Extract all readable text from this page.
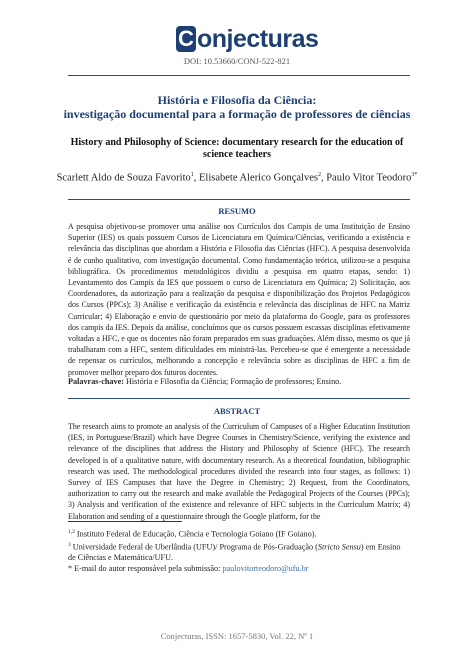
C onjecturas
DOI: 10.53660/CONJ-522-821
História e Filosofia da Ciência:
investigação documental para a formação de professores de ciências
History and Philosophy of Science: documentary research for the education of
science teachers
Scarlett Aldo de Souza Favorito$^1$, Elisabete Alerico Gonçalves$^2$, Paulo Vitor Teodoro$^{3*}$
RESUMO
A pesquisa objetivou-se promover uma análise nos Currículos dos Campis de uma Instituição de Ensino Superior (IES) os quais possuem Cursos de Licenciatura em Química/Ciências, verificando a existência e relevância das disciplinas que abordam a História e Filosofia das Ciências (HFC). A pesquisa desenvolvida é de cunho qualitativo, com investigação documental. Como fundamentação teórica, utilizou-se a pesquisa bibliográfica. Os procedimentos metodológicos dividiu a pesquisa em quatro etapas, sendo: 1) Levantamento dos Campis da IES que possuem o curso de Licenciatura em Química; 2) Solicitação, aos Coordenadores, da autorização para a realização da pesquisa e disponibilização dos Projetos Pedagógicos dos Cursos (PPCs); 3) Análise e verificação da existência e relevância das disciplinas de HFC na Matriz Curricular; 4) Elaboração e envio de questionário por meio da plataforma do Google, para os professores dos campis da IES. Depois da análise, concluímos que os cursos possuem escassas disciplinas efetivamente voltadas a HFC, e que os docentes não foram preparados em suas graduações. Além disso, mesmo os que já trabalharam com a HFC, sentem dificuldades em ministrá-las. Percebeu-se que é emergente a necessidade de repensar os currículos, melhorando a concepção e relevância sobre as disciplinas de HFC a fim de promover melhor preparo dos futuros docentes.
Palavras-chave: História e Filosofia da Ciência; Formação de professores; Ensino.
ABSTRACT
The research aims to promote an analysis of the Curriculum of Campuses of a Higher Education Institution (IES, in Portuguese/Brazil) which have Degree Courses in Chemistry/Science, verifying the existence and relevance of the disciplines that address the History and Philosophy of Science (HFC). The research developed is of a qualitative nature, with documentary research. As a theoretical foundation, bibliographic research was used. The methodological procedures divided the research into four stages, as follows: 1) Survey of IES Campuses that have the Degree in Chemistry; 2) Request, from the Coordinators, authorization to carry out the research and make available the Pedagogical Projects of the Courses (PPCs); 3) Analysis and verification of the existence and relevance of HFC subjects in the Curriculum Matrix; 4) Elaboration and sending of a questionnaire through the Google platform, for the
$^{1,2}$ Instituto Federal de Educação, Ciência e Tecnologia Goiano (IF Goiano).
$^3$ Universidade Federal de Uberlândia (UFU)/ Programa de Pós-Graduação (Stricto Sensu) em Ensino de Ciências e Matemática/UFU.
* E-mail do autor responsável pela submissão: paulovitorteodoro@ufu.br
Conjecturas, ISSN: 1657-5830, Vol. 22, Nº 1
